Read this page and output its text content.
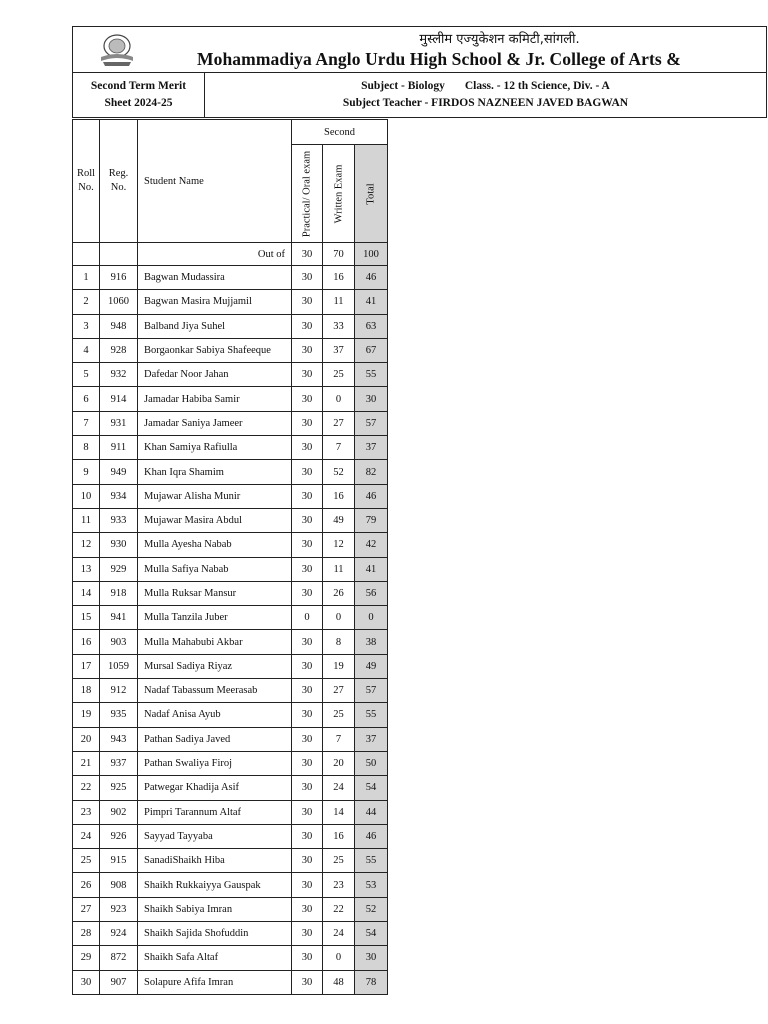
मुस्लीम एज्युकेशन कमिटी,सांगली.
Mohammadiya Anglo Urdu High School & Jr. College of Arts &
Second Term Merit
Sheet 2024-25
Subject - Biology Class. - 12 th Science, Div. - A
Subject Teacher - FIRDOS NAZNEEN JAVED BAGWAN
Roll No.	Reg. No.	Student Name	Second		

			Practical/ Oral exam	Written Exam	Total

		Out of	30	70	100
1	916	Bagwan Mudassira	30	16	46
2	1060	Bagwan Masira Mujjamil	30	11	41
3	948	Balband Jiya Suhel	30	33	63
4	928	Borgaonkar Sabiya Shafeeque	30	37	67
5	932	Dafedar Noor Jahan	30	25	55
6	914	Jamadar Habiba Samir	30	0	30
7	931	Jamadar Saniya Jameer	30	27	57
8	911	Khan Samiya Rafiulla	30	7	37
9	949	Khan Iqra Shamim	30	52	82
10	934	Mujawar Alisha Munir	30	16	46
11	933	Mujawar Masira Abdul	30	49	79
12	930	Mulla Ayesha Nabab	30	12	42
13	929	Mulla Safiya Nabab	30	11	41
14	918	Mulla Ruksar Mansur	30	26	56
15	941	Mulla Tanzila Juber	0	0	0
16	903	Mulla Mahabubi Akbar	30	8	38
17	1059	Mursal Sadiya Riyaz	30	19	49
18	912	Nadaf Tabassum Meerasab	30	27	57
19	935	Nadaf Anisa Ayub	30	25	55
20	943	Pathan Sadiya Javed	30	7	37
21	937	Pathan Swaliya Firoj	30	20	50
22	925	Patwegar Khadija Asif	30	24	54
23	902	Pimpri Tarannum Altaf	30	14	44
24	926	Sayyad Tayyaba	30	16	46
25	915	SanadiShaikh Hiba	30	25	55
26	908	Shaikh Rukkaiyya Gauspak	30	23	53
27	923	Shaikh Sabiya Imran	30	22	52
28	924	Shaikh Sajida Shofuddin	30	24	54
29	872	Shaikh Safa Altaf	30	0	30
30	907	Solapure Afifa Imran	30	48	78
